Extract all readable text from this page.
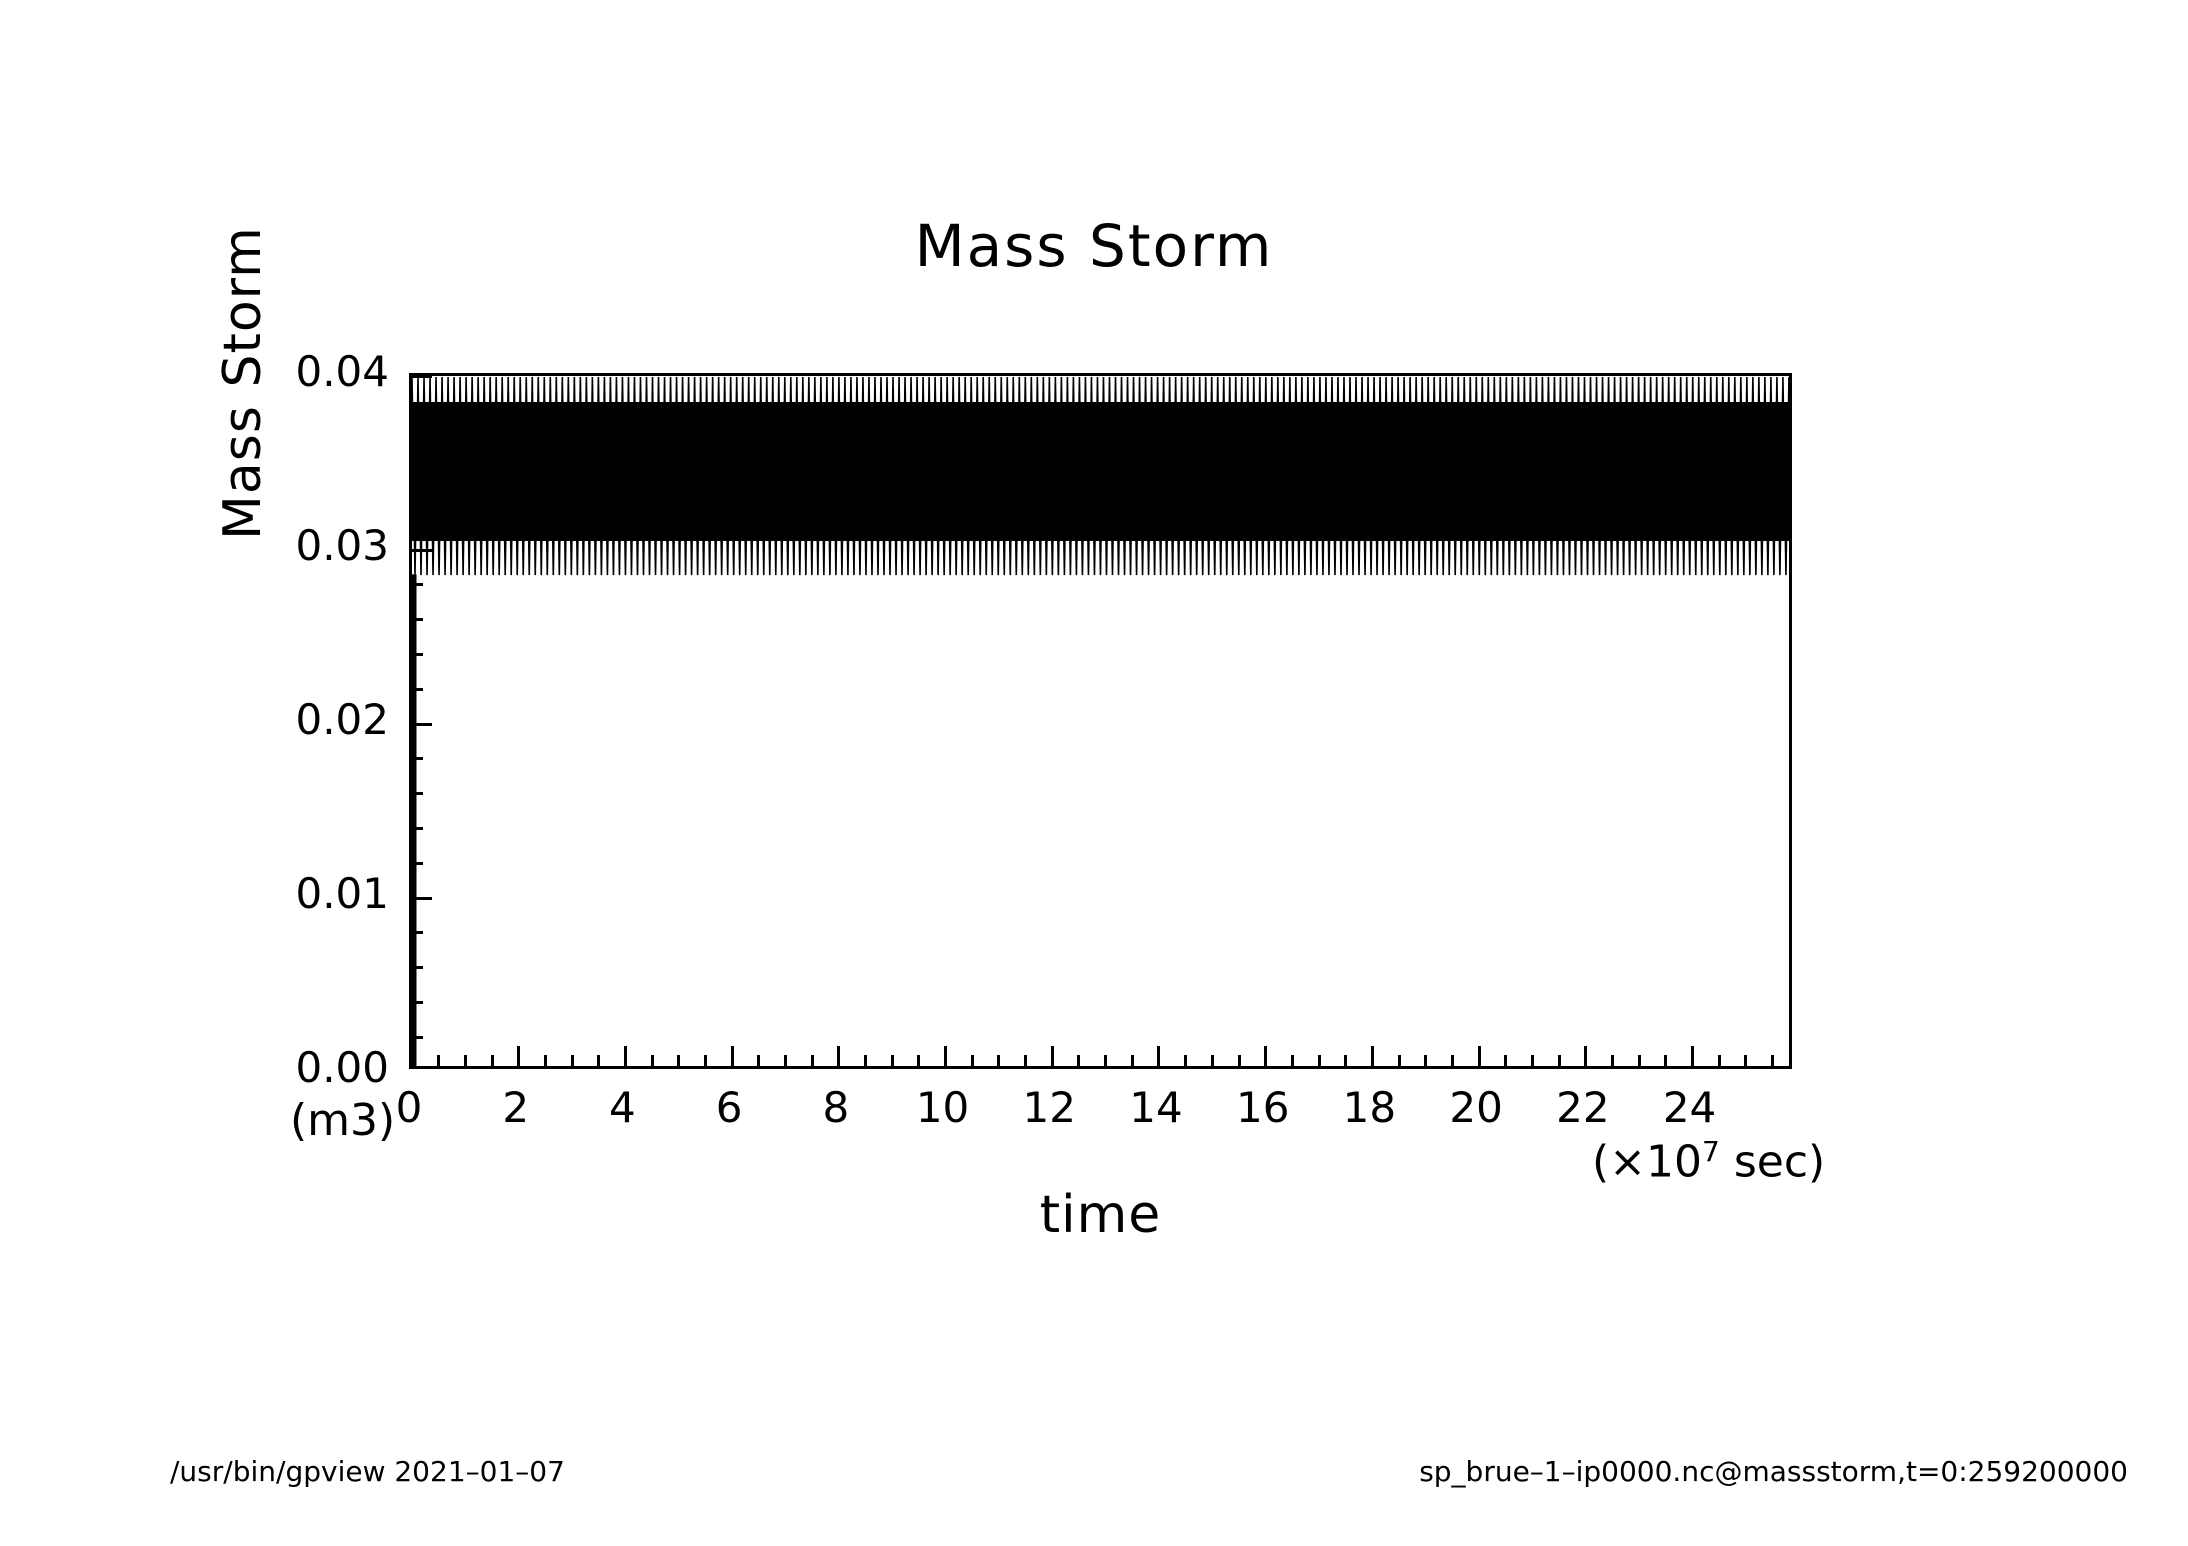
Mass Storm
Mass Storm
time
(m3)
($\times 10^7$ sec)
/usr/bin/gpview 2021–01–07	sp_brue–1–ip0000.nc@massstorm,t=0:259200000
0.00
0.01
0.02
0.03
0.04
0	2	4	6	8	10	12	14	16	18	20	22	24
